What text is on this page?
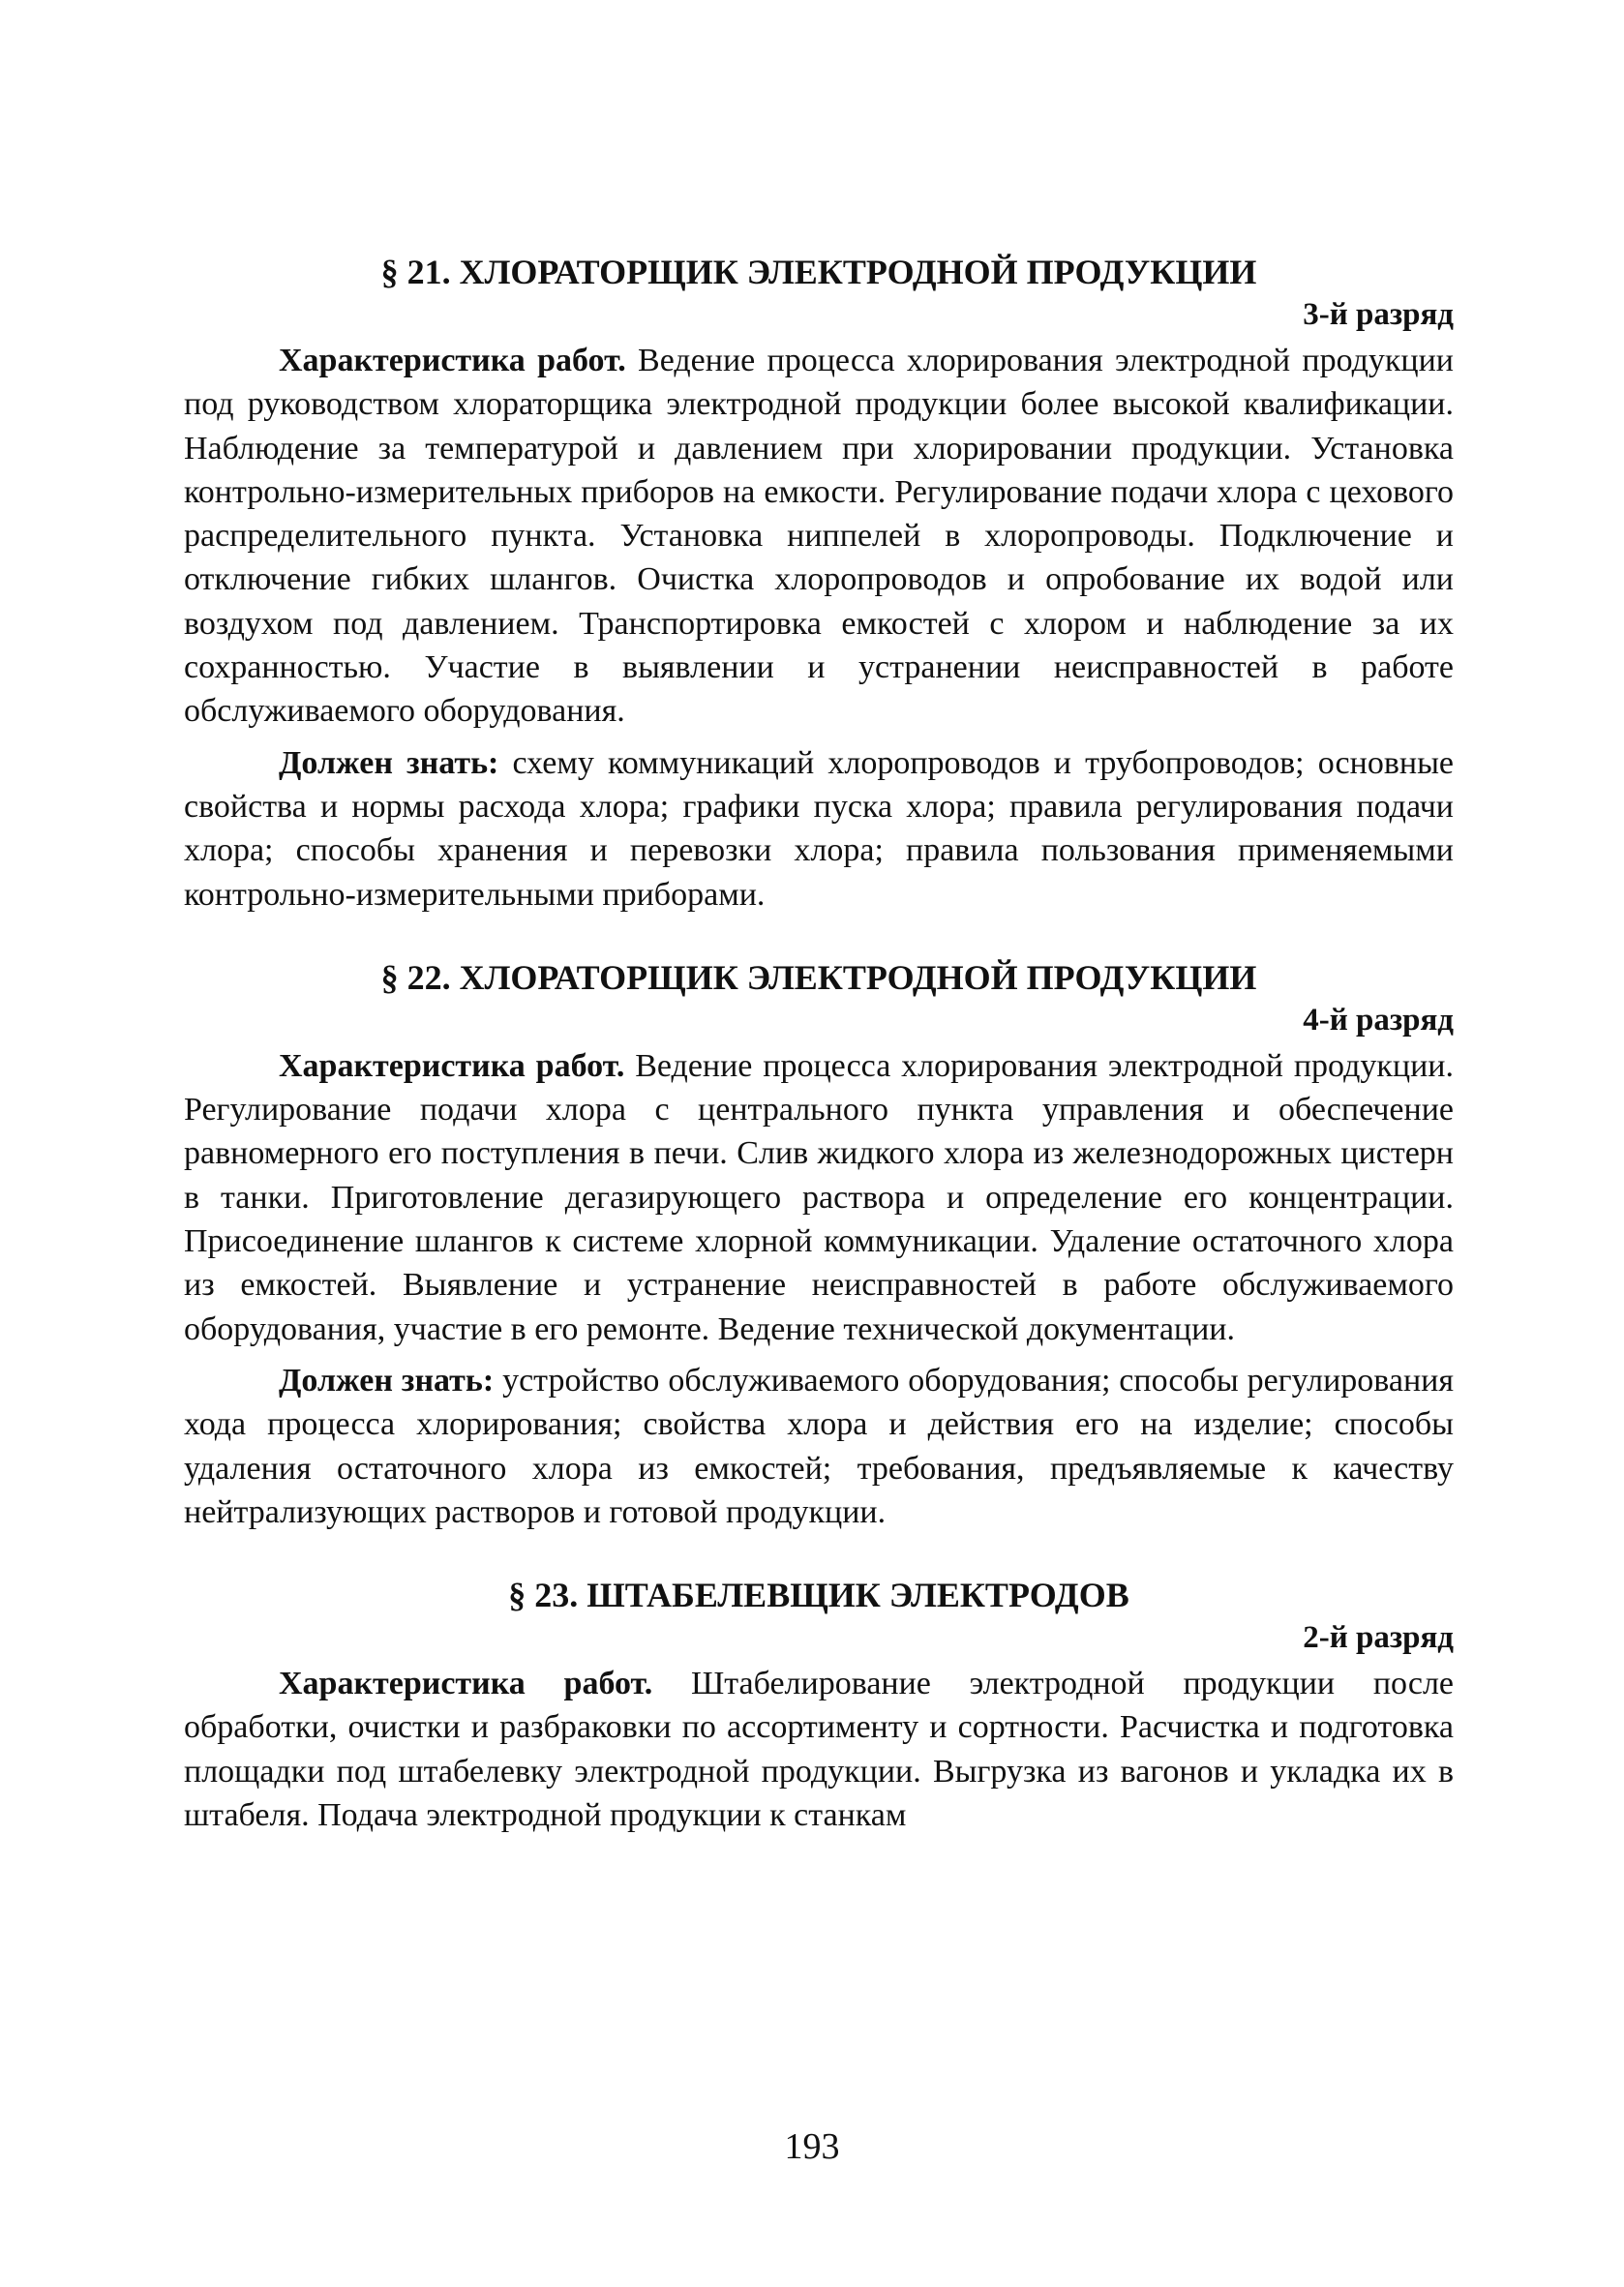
§ 21. ХЛОРАТОРЩИК ЭЛЕКТРОДНОЙ ПРОДУКЦИИ
3-й разряд

Характеристика работ. Ведение процесса хлорирования электродной продукции под руководством хлораторщика электродной продукции более высокой квалификации. Наблюдение за температурой и давлением при хлорировании продукции. Установка контрольно-измерительных приборов на емкости. Регулирование подачи хлора с цехового распределительного пункта. Установка ниппелей в хлоропроводы. Подключение и отключение гибких шлангов. Очистка хлоропроводов и опробование их водой или воздухом под давлением. Транспортировка емкостей с хлором и наблюдение за их сохранностью. Участие в выявлении и устранении неисправностей в работе обслуживаемого оборудования.

Должен знать: схему коммуникаций хлоропроводов и трубопроводов; основные свойства и нормы расхода хлора; графики пуска хлора; правила регулирования подачи хлора; способы хранения и перевозки хлора; правила пользования применяемыми контрольно-измерительными приборами.

§ 22. ХЛОРАТОРЩИК ЭЛЕКТРОДНОЙ ПРОДУКЦИИ
4-й разряд

Характеристика работ. Ведение процесса хлорирования электродной продукции. Регулирование подачи хлора с центрального пункта управления и обеспечение равномерного его поступления в печи. Слив жидкого хлора из железнодорожных цистерн в танки. Приготовление дегазирующего раствора и определение его концентрации. Присоединение шлангов к системе хлорной коммуникации. Удаление остаточного хлора из емкостей. Выявление и устранение неисправностей в работе обслуживаемого оборудования, участие в его ремонте. Ведение технической документации.

Должен знать: устройство обслуживаемого оборудования; способы регулирования хода процесса хлорирования; свойства хлора и действия его на изделие; способы удаления остаточного хлора из емкостей; требования, предъявляемые к качеству нейтрализующих растворов и готовой продукции.

§ 23. ШТАБЕЛЕВЩИК ЭЛЕКТРОДОВ
2-й разряд

Характеристика работ. Штабелирование электродной продукции после обработки, очистки и разбраковки по ассортименту и сортности. Расчистка и подготовка площадки под штабелевку электродной продукции. Выгрузка из вагонов и укладка их в штабеля. Подача электродной продукции к станкам

193
